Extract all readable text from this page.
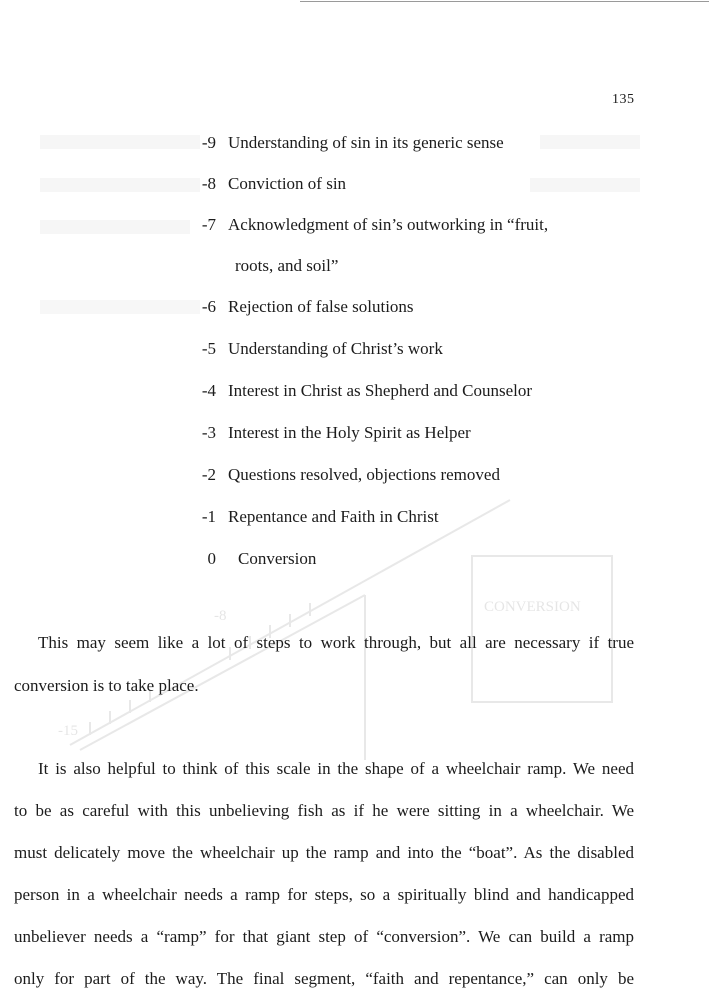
CONVERSION
-8
-15
135
-9 Understanding of sin in its generic sense
-8 Conviction of sin
-7 Acknowledgment of sin’s outworking in “fruit,
roots, and soil”
-6 Rejection of false solutions
-5 Understanding of Christ’s work
-4 Interest in Christ as Shepherd and Counselor
-3 Interest in the Holy Spirit as Helper
-2 Questions resolved, objections removed
-1 Repentance and Faith in Christ
0 Conversion
This may seem like a lot of steps to work through, but all are necessary if true
conversion is to take place.
It is also helpful to think of this scale in the shape of a wheelchair ramp. We need
to be as careful with this unbelieving fish as if he were sitting in a wheelchair. We
must delicately move the wheelchair up the ramp and into the “boat”. As the disabled
person in a wheelchair needs a ramp for steps, so a spiritually blind and handicapped
unbeliever needs a “ramp” for that giant step of “conversion”. We can build a ramp
only for part of the way. The final segment, “faith and repentance,” can only be
